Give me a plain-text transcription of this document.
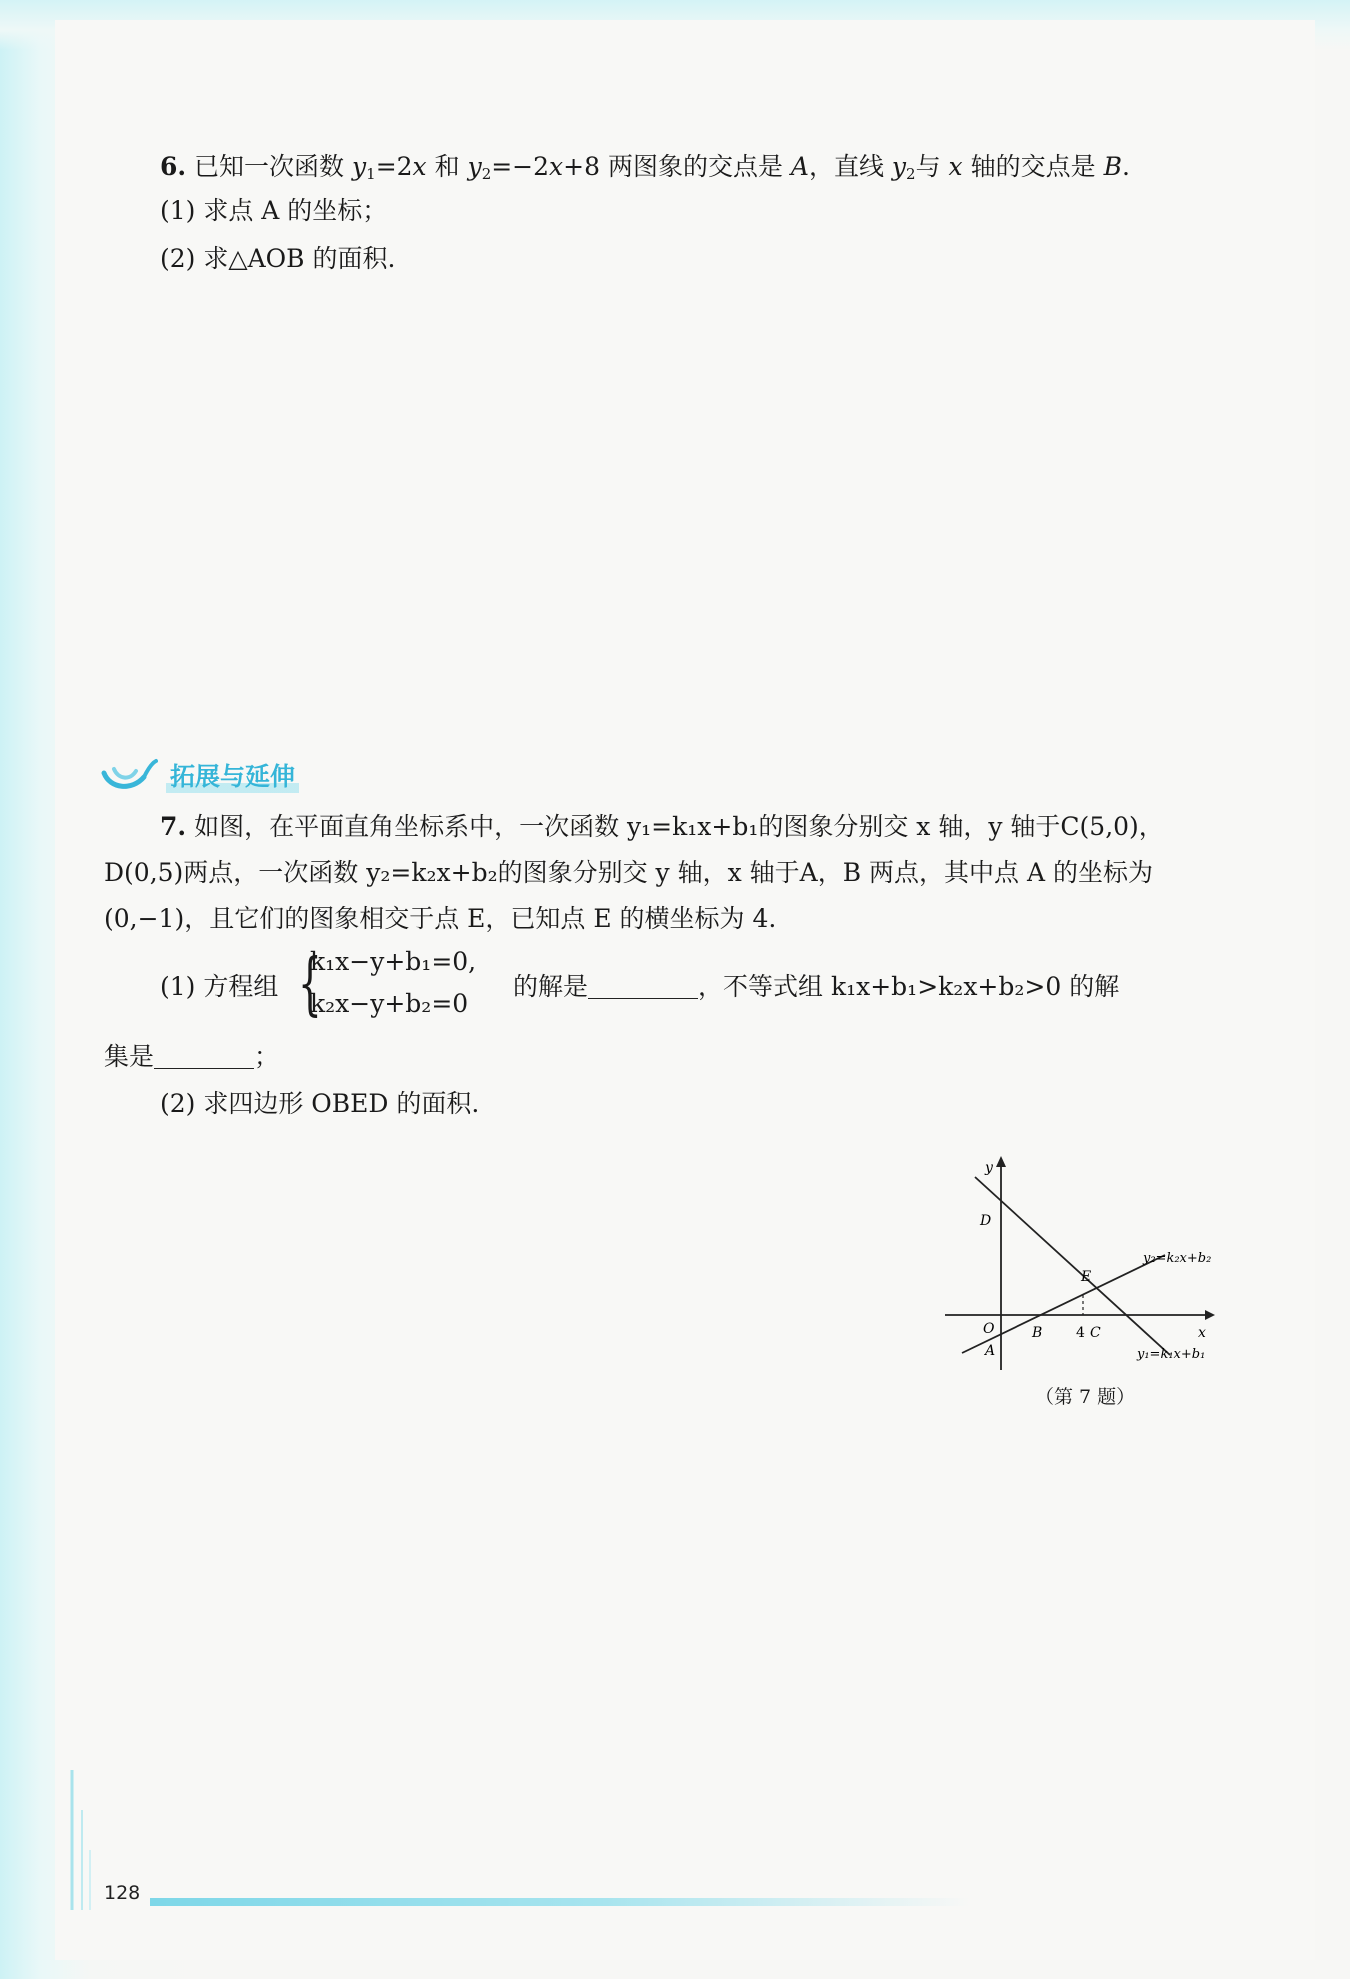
6. 已知一次函数 $y_1=2x$ 和 $y_2=-2x+8$ 两图象的交点是 A，直线 $y_2$与 x 轴的交点是 B.
(1) 求点 A 的坐标；
(2) 求△AOB 的面积.
拓展与延伸
7. 如图，在平面直角坐标系中，一次函数 y₁=k₁x+b₁的图象分别交 x 轴，y 轴于C(5,0)，
D(0,5)两点，一次函数 y₂=k₂x+b₂的图象分别交 y 轴，x 轴于A，B 两点，其中点 A 的坐标为
(0,−1)，且它们的图象相交于点 E，已知点 E 的横坐标为 4.
(1) 方程组 {
k₁x−y+b₁=0,
k₂x−y+b₂=0
的解是	，不等式组 k₁x+b₁>k₂x+b₂>0 的解
集是	；
(2) 求四边形 OBED 的面积.
y
x
D
E
O
A
B 4 C
y₂=k₂x+b₂
y₁=k₁x+b₁
（第 7 题）
128
